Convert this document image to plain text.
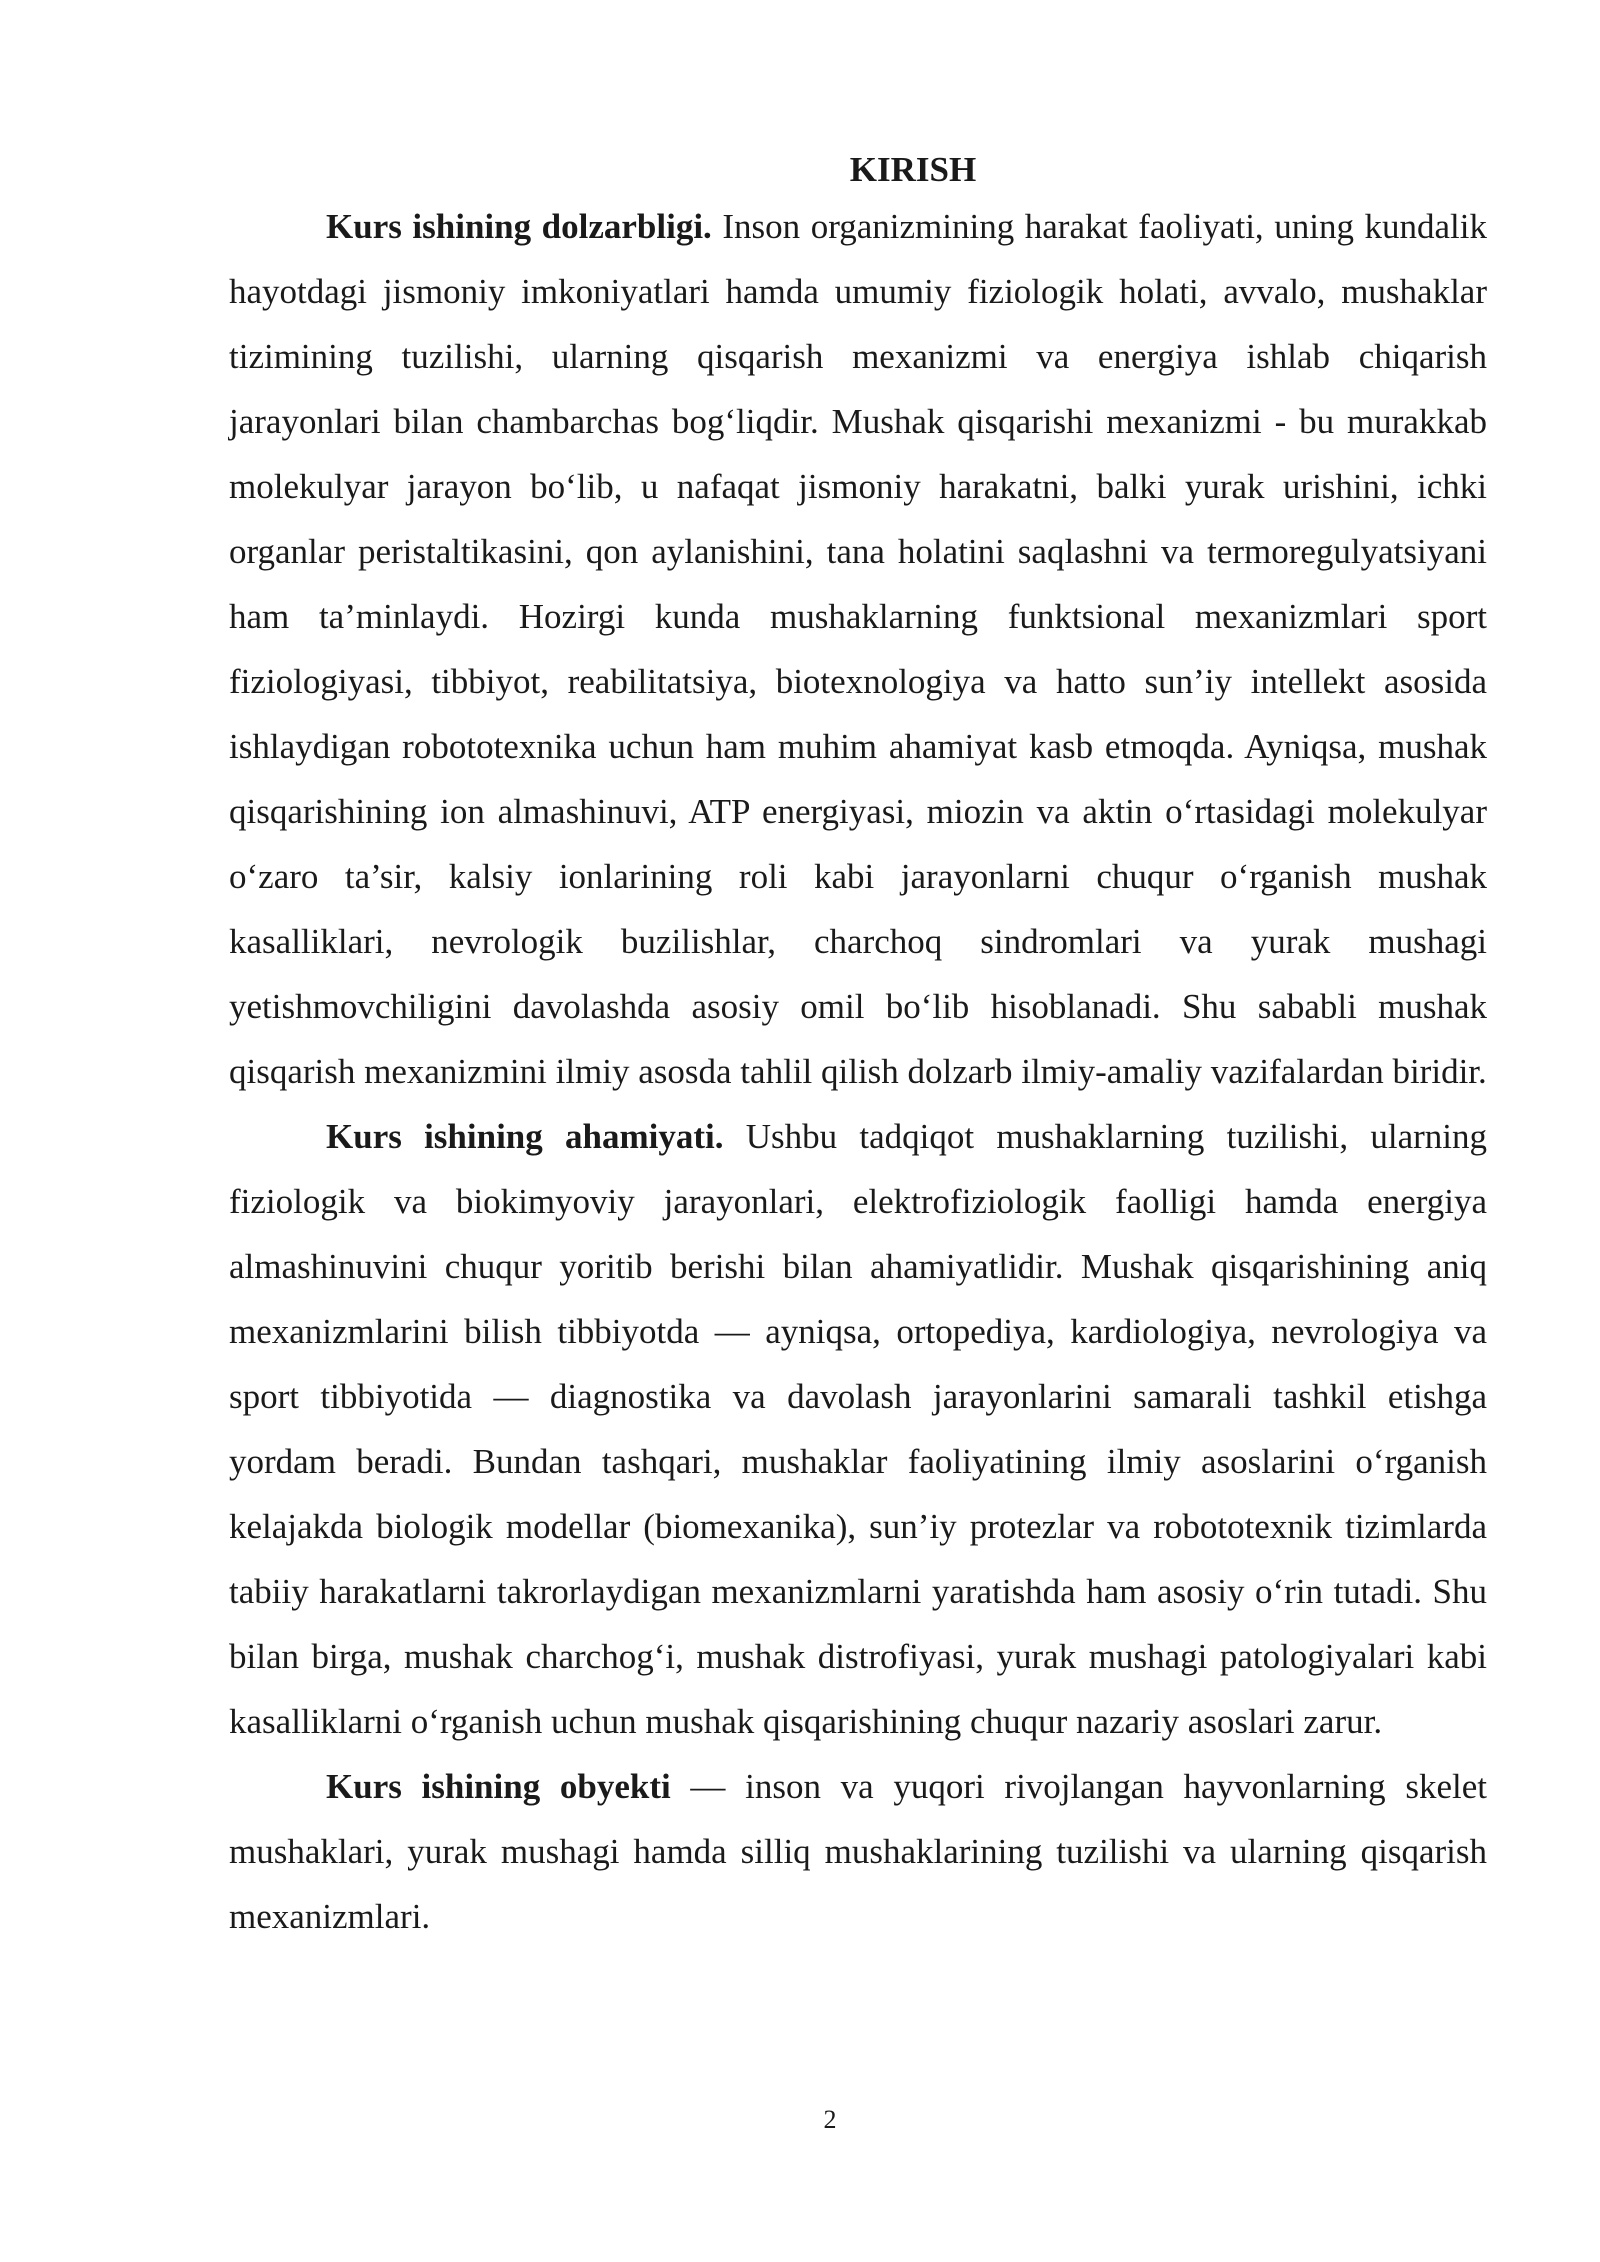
KIRISH

Kurs ishining dolzarbligi. Inson organizmining harakat faoliyati, uning kundalik hayotdagi jismoniy imkoniyatlari hamda umumiy fiziologik holati, avvalo, mushaklar tizimining tuzilishi, ularning qisqarish mexanizmi va energiya ishlab chiqarish jarayonlari bilan chambarchas bog‘liqdir. Mushak qisqarishi mexanizmi - bu murakkab molekulyar jarayon bo‘lib, u nafaqat jismoniy harakatni, balki yurak urishini, ichki organlar peristaltikasini, qon aylanishini, tana holatini saqlashni va termoregulyatsiyani ham ta’minlaydi. Hozirgi kunda mushaklarning funktsional mexanizmlari sport fiziologiyasi, tibbiyot, reabilitatsiya, biotexnologiya va hatto sun’iy intellekt asosida ishlaydigan robototexnika uchun ham muhim ahamiyat kasb etmoqda. Ayniqsa, mushak qisqarishining ion almashinuvi, ATP energiyasi, miozin va aktin o‘rtasidagi molekulyar o‘zaro ta’sir, kalsiy ionlarining roli kabi jarayonlarni chuqur o‘rganish mushak kasalliklari, nevrologik buzilishlar, charchoq sindromlari va yurak mushagi yetishmovchiligini davolashda asosiy omil bo‘lib hisoblanadi. Shu sababli mushak qisqarish mexanizmini ilmiy asosda tahlil qilish dolzarb ilmiy-amaliy vazifalardan biridir.

Kurs ishining ahamiyati. Ushbu tadqiqot mushaklarning tuzilishi, ularning fiziologik va biokimyoviy jarayonlari, elektrofiziologik faolligi hamda energiya almashinuvini chuqur yoritib berishi bilan ahamiyatlidir. Mushak qisqarishining aniq mexanizmlarini bilish tibbiyotda — ayniqsa, ortopediya, kardiologiya, nevrologiya va sport tibbiyotida — diagnostika va davolash jarayonlarini samarali tashkil etishga yordam beradi. Bundan tashqari, mushaklar faoliyatining ilmiy asoslarini o‘rganish kelajakda biologik modellar (biomexanika), sun’iy protezlar va robototexnik tizimlarda tabiiy harakatlarni takrorlaydigan mexanizmlarni yaratishda ham asosiy o‘rin tutadi. Shu bilan birga, mushak charchog‘i, mushak distrofiyasi, yurak mushagi patologiyalari kabi kasalliklarni o‘rganish uchun mushak qisqarishining chuqur nazariy asoslari zarur.

Kurs ishining obyekti — inson va yuqori rivojlangan hayvonlarning skelet mushaklari, yurak mushagi hamda silliq mushaklarining tuzilishi va ularning qisqarish mexanizmlari.

2
